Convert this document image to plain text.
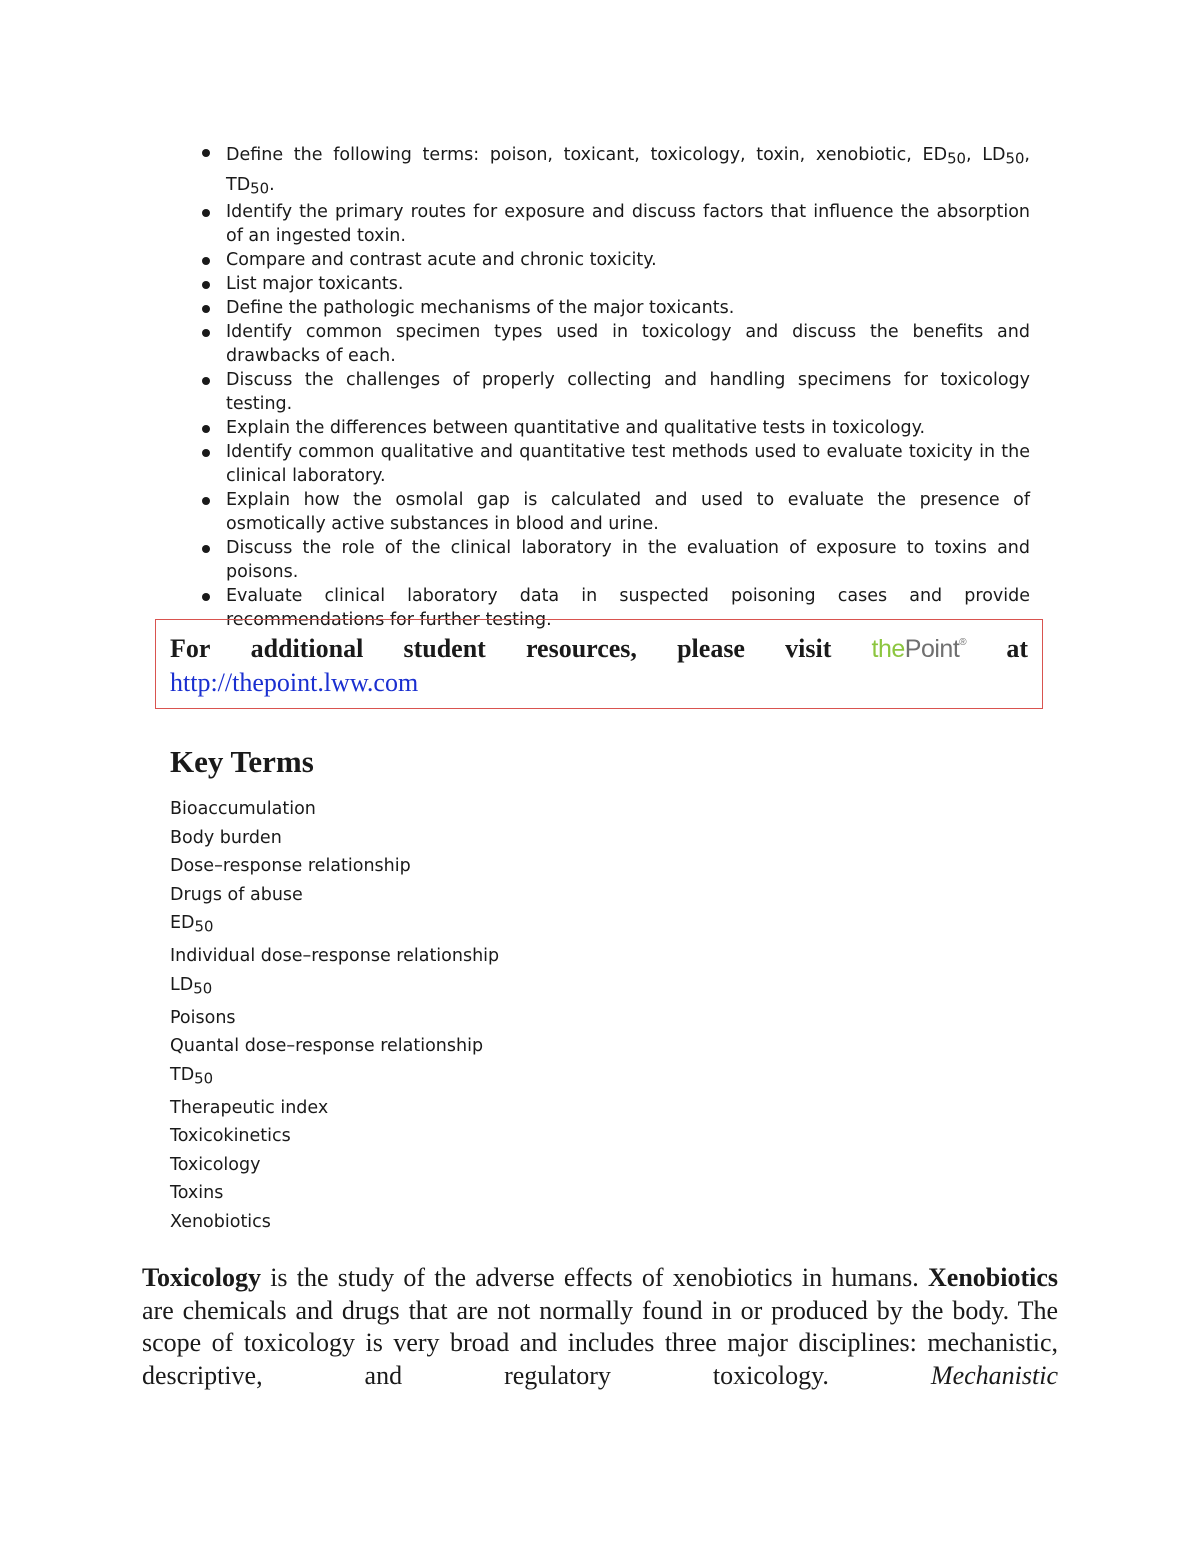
Define the following terms: poison, toxicant, toxicology, toxin, xenobiotic, $ED_{50}$, $LD_{50}$, $TD_{50}$.
Identify the primary routes for exposure and discuss factors that influence the absorption of an ingested toxin.
Compare and contrast acute and chronic toxicity.
List major toxicants.
Define the pathologic mechanisms of the major toxicants.
Identify common specimen types used in toxicology and discuss the benefits and drawbacks of each.
Discuss the challenges of properly collecting and handling specimens for toxicology testing.
Explain the differences between quantitative and qualitative tests in toxicology.
Identify common qualitative and quantitative test methods used to evaluate toxicity in the clinical laboratory.
Explain how the osmolal gap is calculated and used to evaluate the presence of osmotically active substances in blood and urine.
Discuss the role of the clinical laboratory in the evaluation of exposure to toxins and poisons.
Evaluate clinical laboratory data in suspected poisoning cases and provide recommendations for further testing.
For additional student resources, please visit thePoint® at
http://thepoint.lww.com
Key Terms
Bioaccumulation
Body burden
Dose–response relationship
Drugs of abuse
$ED_{50}$
Individual dose–response relationship
$LD_{50}$
Poisons
Quantal dose–response relationship
$TD_{50}$
Therapeutic index
Toxicokinetics
Toxicology
Toxins
Xenobiotics

Toxicology is the study of the adverse effects of xenobiotics in humans. Xenobiotics are chemicals and drugs that are not normally found in or produced by the body. The scope of toxicology is very broad and includes three major disciplines: mechanistic, descriptive, and regulatory toxicology. Mechanistic
